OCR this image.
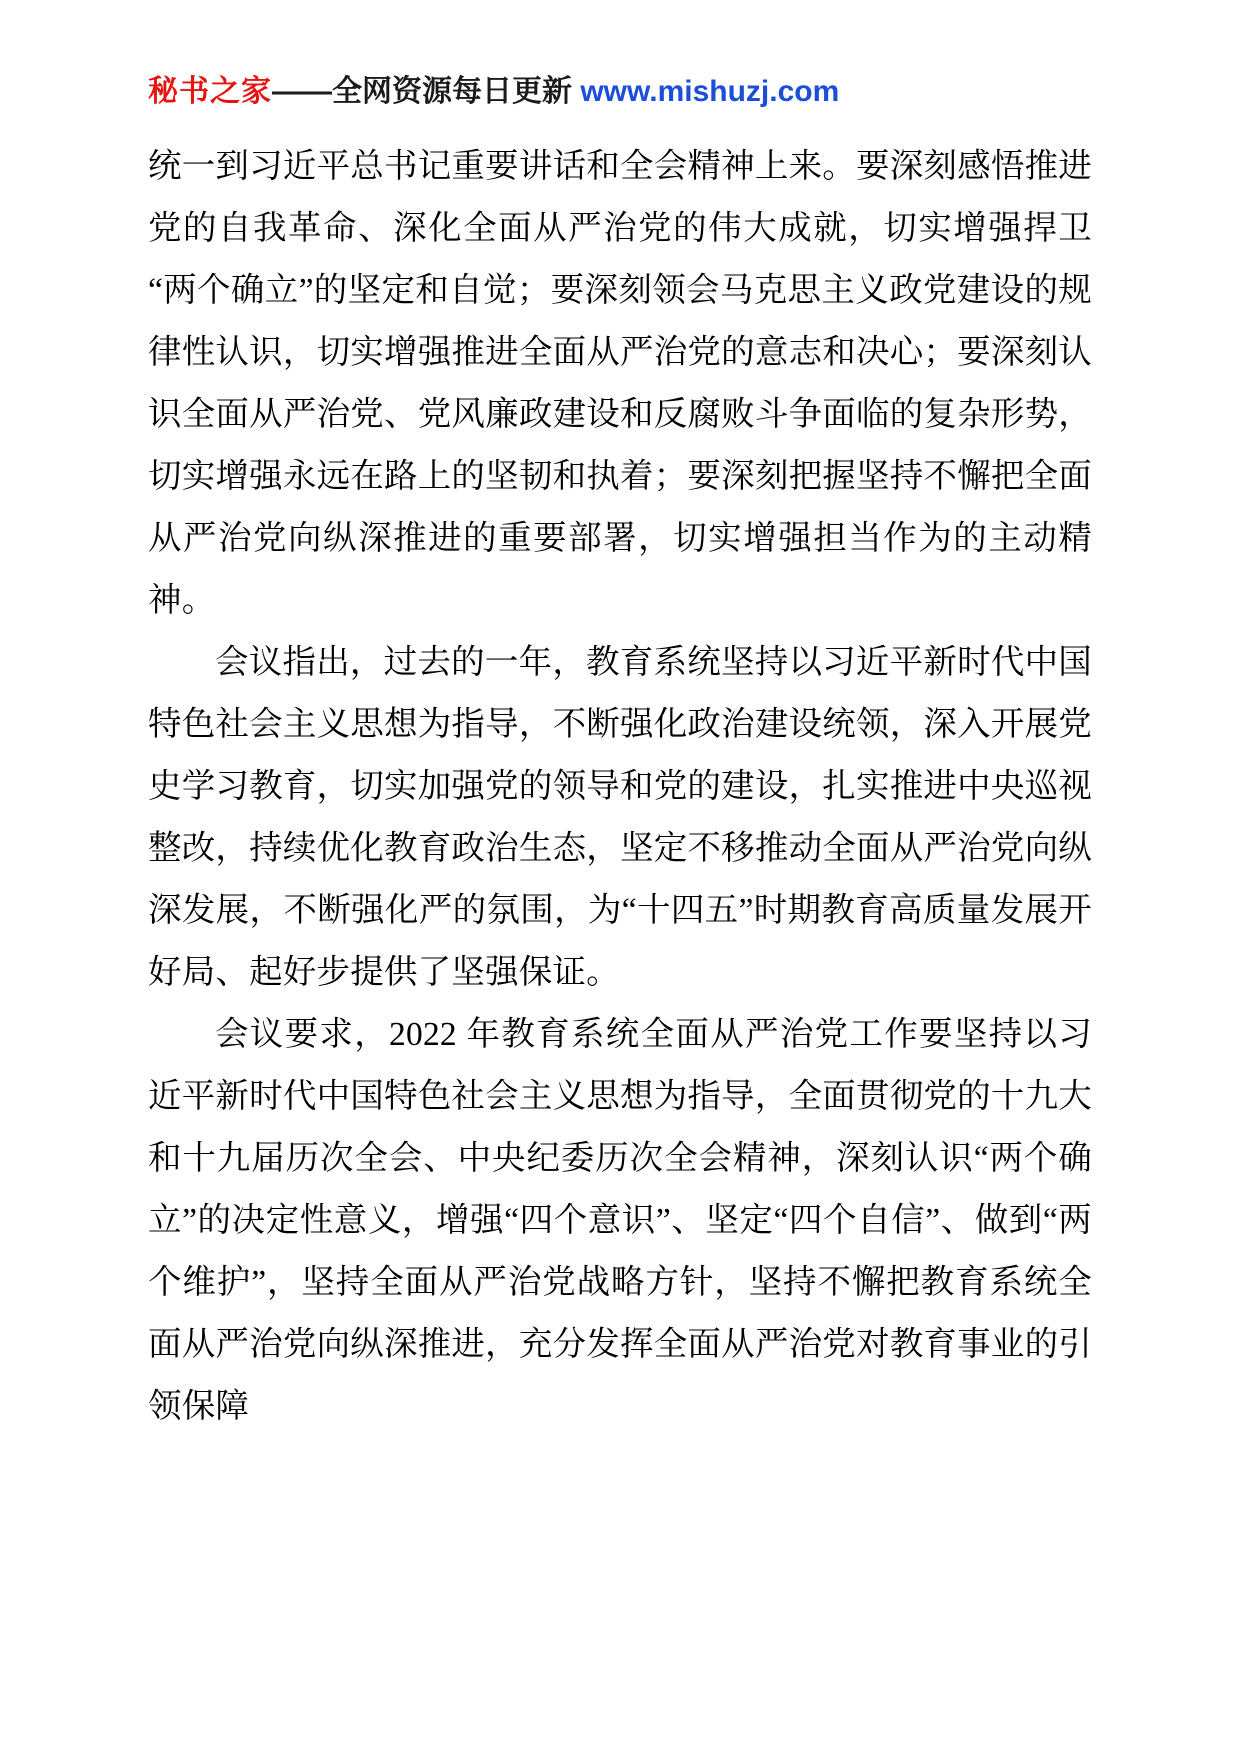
秘书之家——全网资源每日更新 www.mishuzj.com

统一到习近平总书记重要讲话和全会精神上来。要深刻感悟推进党的自我革命、深化全面从严治党的伟大成就，切实增强捍卫“两个确立”的坚定和自觉；要深刻领会马克思主义政党建设的规律性认识，切实增强推进全面从严治党的意志和决心；要深刻认识全面从严治党、党风廉政建设和反腐败斗争面临的复杂形势，切实增强永远在路上的坚韧和执着；要深刻把握坚持不懈把全面从严治党向纵深推进的重要部署，切实增强担当作为的主动精神。

会议指出，过去的一年，教育系统坚持以习近平新时代中国特色社会主义思想为指导，不断强化政治建设统领，深入开展党史学习教育，切实加强党的领导和党的建设，扎实推进中央巡视整改，持续优化教育政治生态，坚定不移推动全面从严治党向纵深发展，不断强化严的氛围，为“十四五”时期教育高质量发展开好局、起好步提供了坚强保证。

会议要求，2022 年教育系统全面从严治党工作要坚持以习近平新时代中国特色社会主义思想为指导，全面贯彻党的十九大和十九届历次全会、中央纪委历次全会精神，深刻认识“两个确立”的决定性意义，增强“四个意识”、坚定“四个自信”、做到“两个维护”，坚持全面从严治党战略方针，坚持不懈把教育系统全面从严治党向纵深推进，充分发挥全面从严治党对教育事业的引领保障
